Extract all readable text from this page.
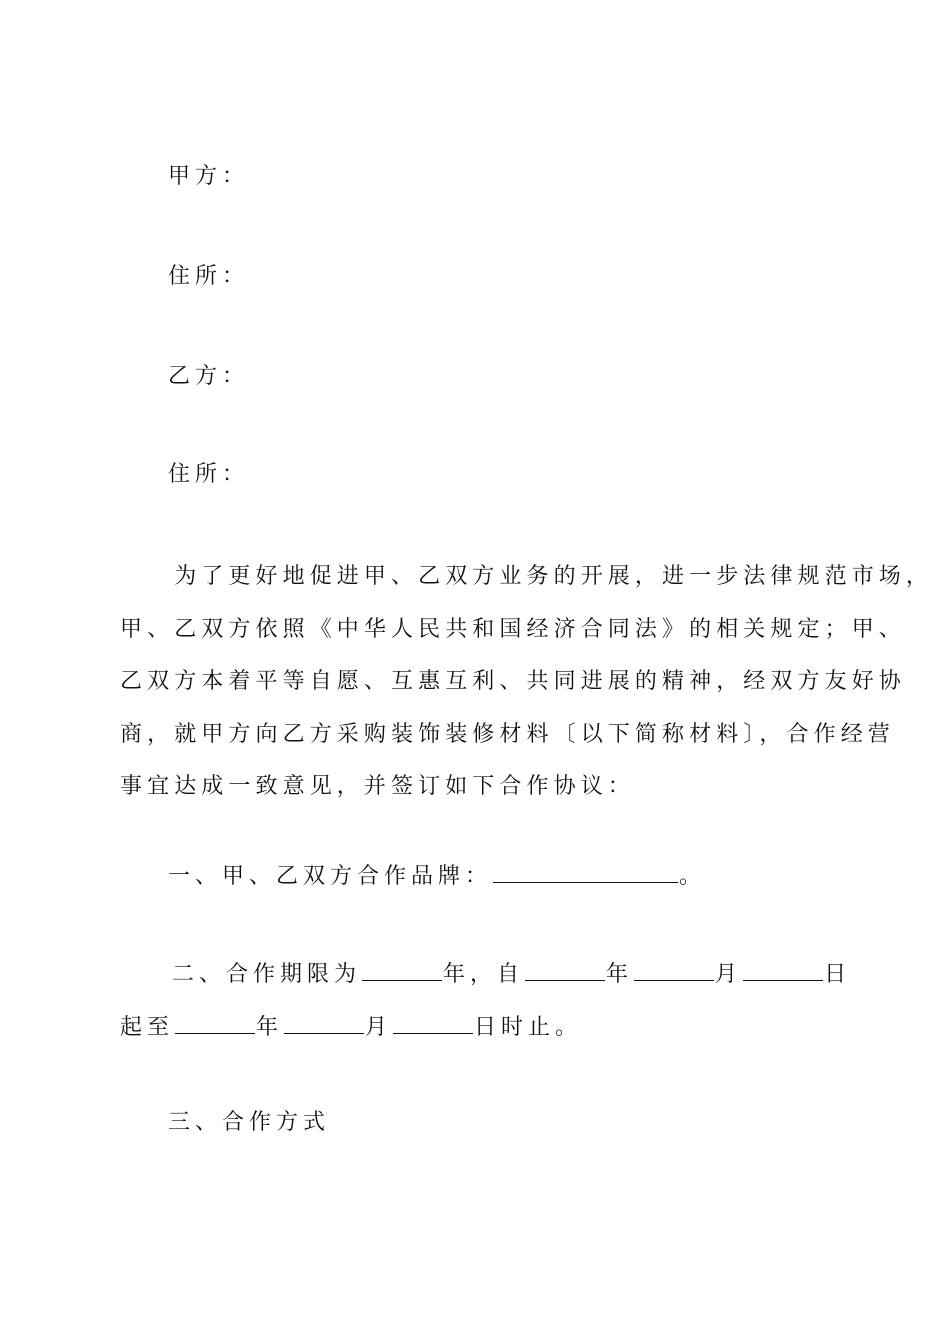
甲方：
住所：
乙方：
住所：

　　为了更好地促进甲、乙双方业务的开展，进一步法律规范市场，

甲、乙双方依照《中华人民共和国经济合同法》的相关规定；甲、

乙双方本着平等自愿、互惠互利、共同进展的精神，经双方友好协

商，就甲方向乙方采购装饰装修材料〔以下简称材料〕，合作经营

事宜达成一致意见，并签订如下合作协议：

一、甲、乙双方合作品牌：	。
二、合作期限为	年，自	年	月	日
起至	年	月	日时止。
三、合作方式
